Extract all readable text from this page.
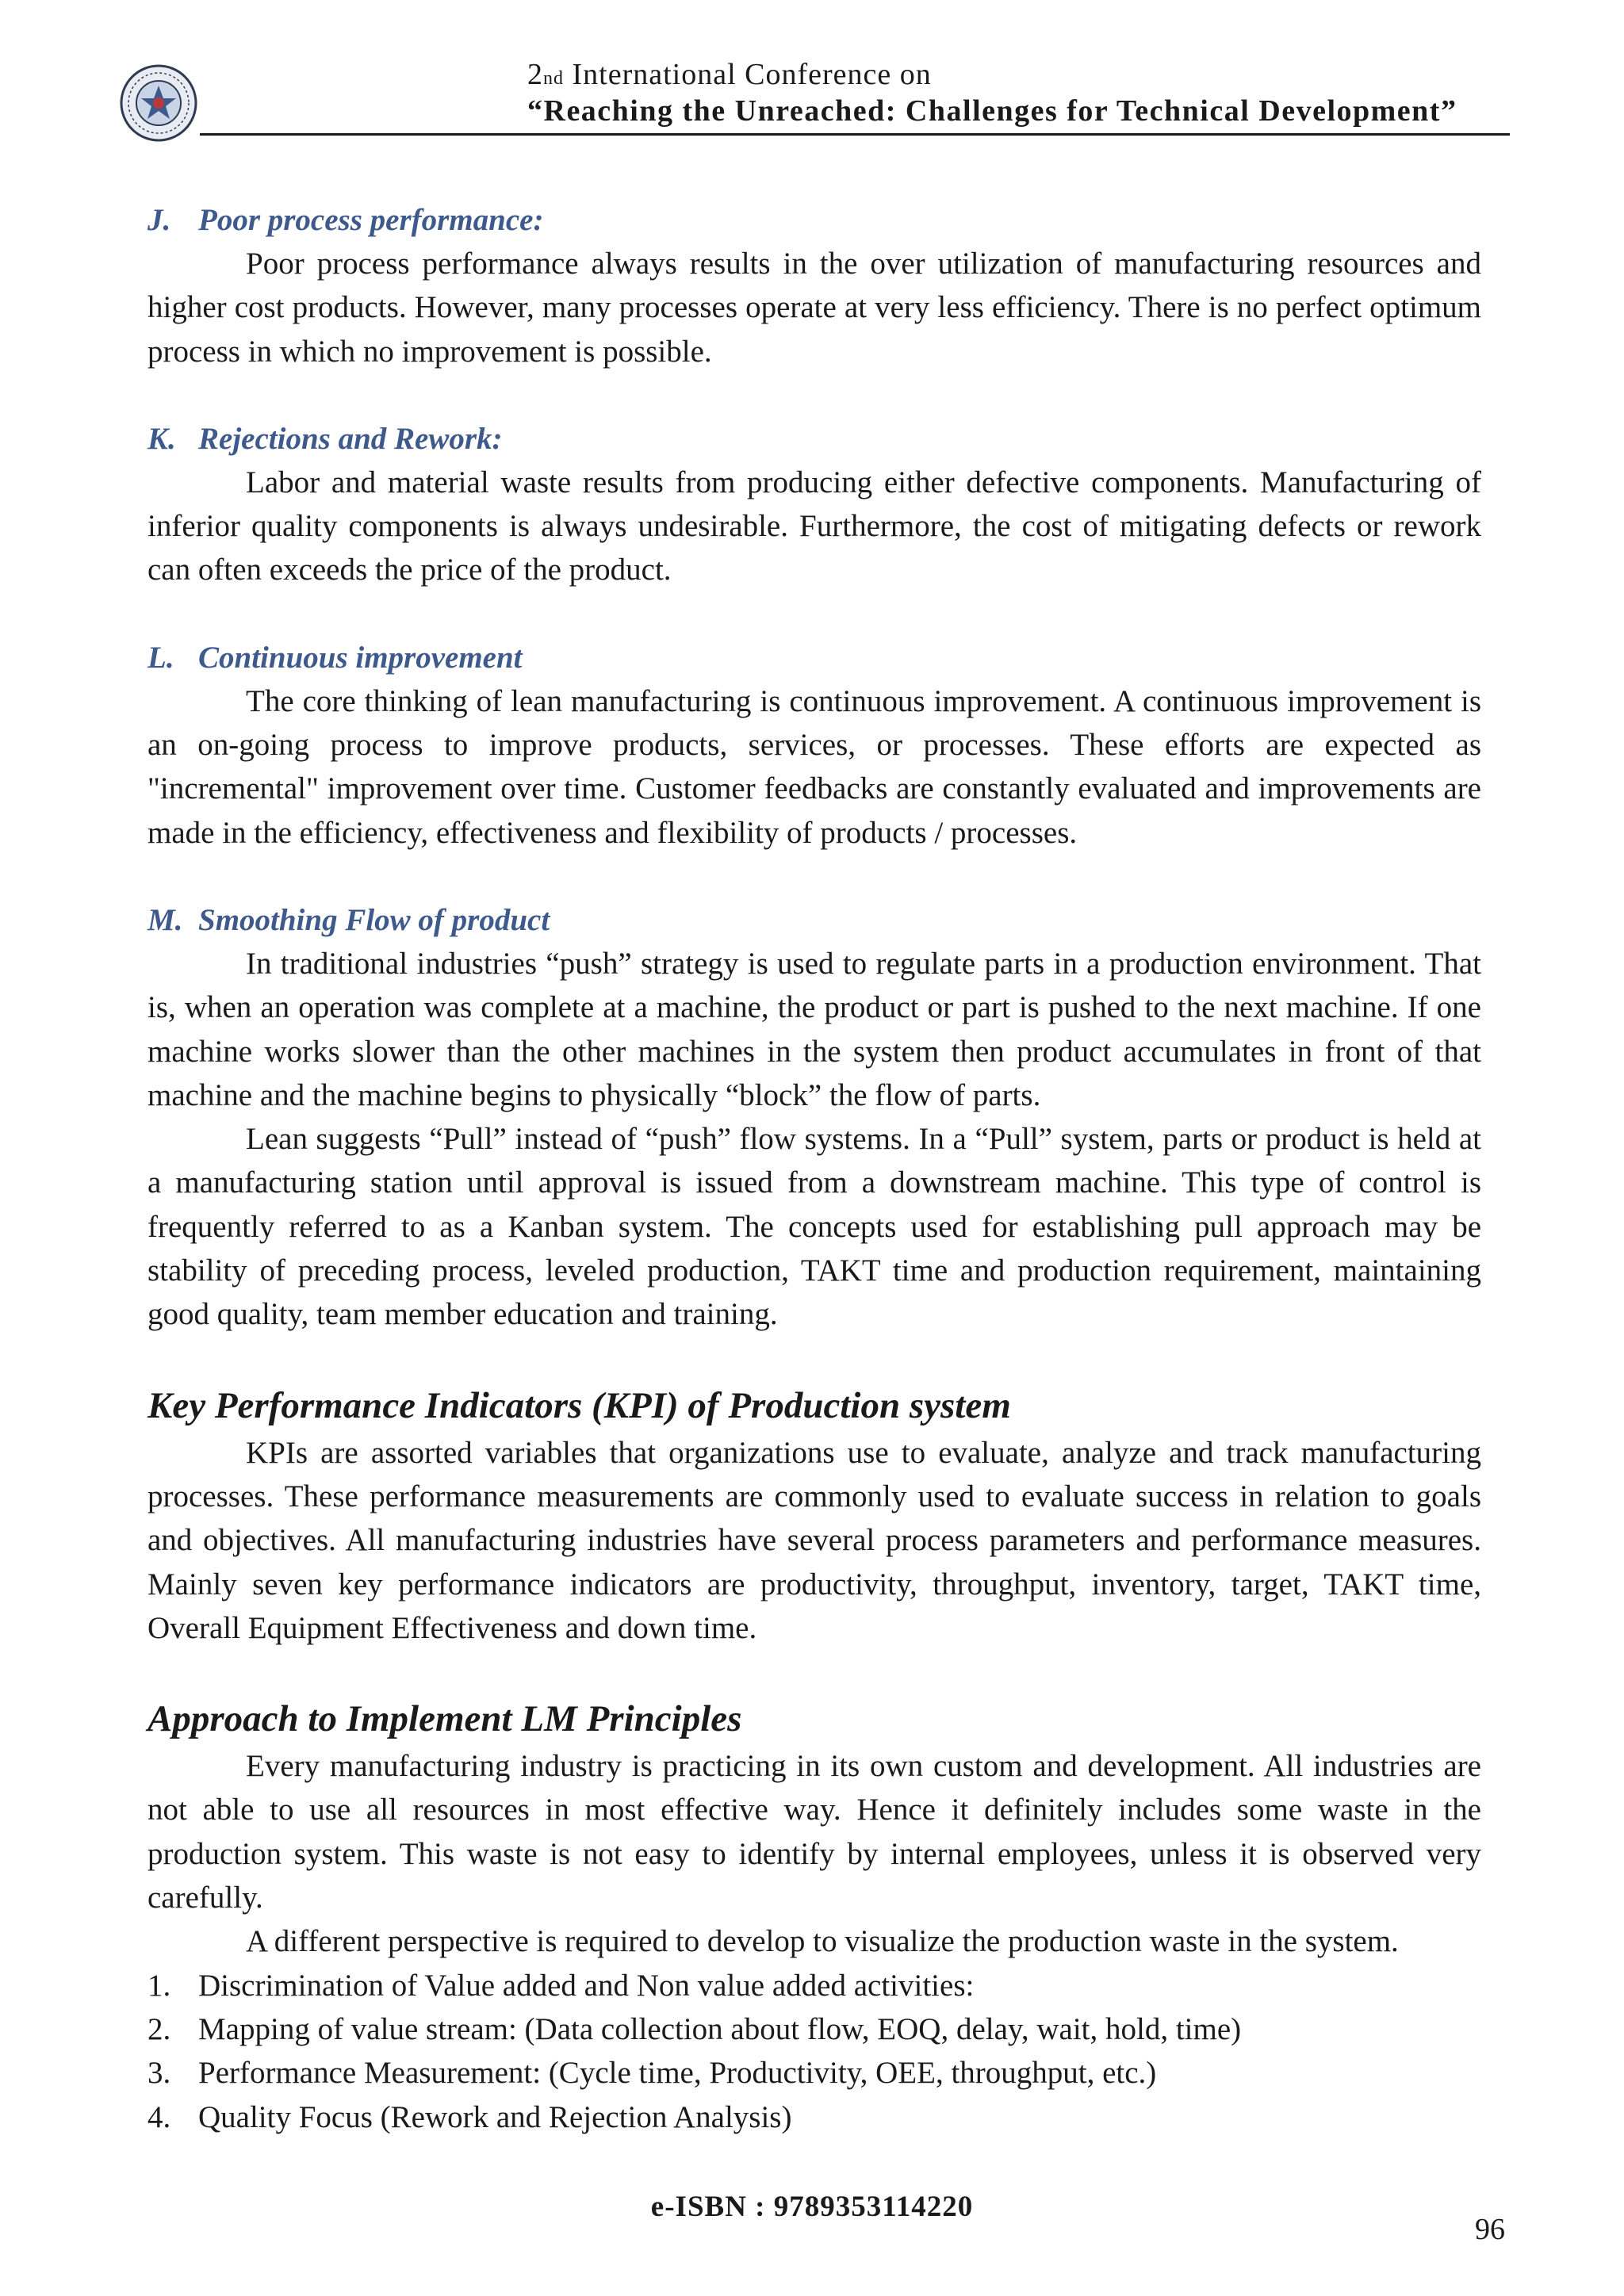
2nd International Conference on
“Reaching the Unreached: Challenges for Technical Development”
J. Poor process performance:

Poor process performance always results in the over utilization of manufacturing resources and higher cost products. However, many processes operate at very less efficiency. There is no perfect optimum process in which no improvement is possible.

K. Rejections and Rework:

Labor and material waste results from producing either defective components. Manufacturing of inferior quality components is always undesirable. Furthermore, the cost of mitigating defects or rework can often exceeds the price of the product.

L. Continuous improvement

The core thinking of lean manufacturing is continuous improvement. A continuous improvement is an on-going process to improve products, services, or processes. These efforts are expected as "incremental" improvement over time. Customer feedbacks are constantly evaluated and improvements are made in the efficiency, effectiveness and flexibility of products / processes.

M. Smoothing Flow of product

In traditional industries “push” strategy is used to regulate parts in a production environment. That is, when an operation was complete at a machine, the product or part is pushed to the next machine. If one machine works slower than the other machines in the system then product accumulates in front of that machine and the machine begins to physically “block” the flow of parts.

Lean suggests “Pull” instead of “push” flow systems. In a “Pull” system, parts or product is held at a manufacturing station until approval is issued from a downstream machine. This type of control is frequently referred to as a Kanban system. The concepts used for establishing pull approach may be stability of preceding process, leveled production, TAKT time and production requirement, maintaining good quality, team member education and training.

Key Performance Indicators (KPI) of Production system

KPIs are assorted variables that organizations use to evaluate, analyze and track manufacturing processes. These performance measurements are commonly used to evaluate success in relation to goals and objectives. All manufacturing industries have several process parameters and performance measures. Mainly seven key performance indicators are productivity, throughput, inventory, target, TAKT time, Overall Equipment Effectiveness and down time.

Approach to Implement LM Principles

Every manufacturing industry is practicing in its own custom and development. All industries are not able to use all resources in most effective way. Hence it definitely includes some waste in the production system. This waste is not easy to identify by internal employees, unless it is observed very carefully.

A different perspective is required to develop to visualize the production waste in the system.

1. Discrimination of Value added and Non value added activities:
2. Mapping of value stream: (Data collection about flow, EOQ, delay, wait, hold, time)
3. Performance Measurement: (Cycle time, Productivity, OEE, throughput, etc.)
4. Quality Focus (Rework and Rejection Analysis)
e-ISBN : 9789353114220
96
